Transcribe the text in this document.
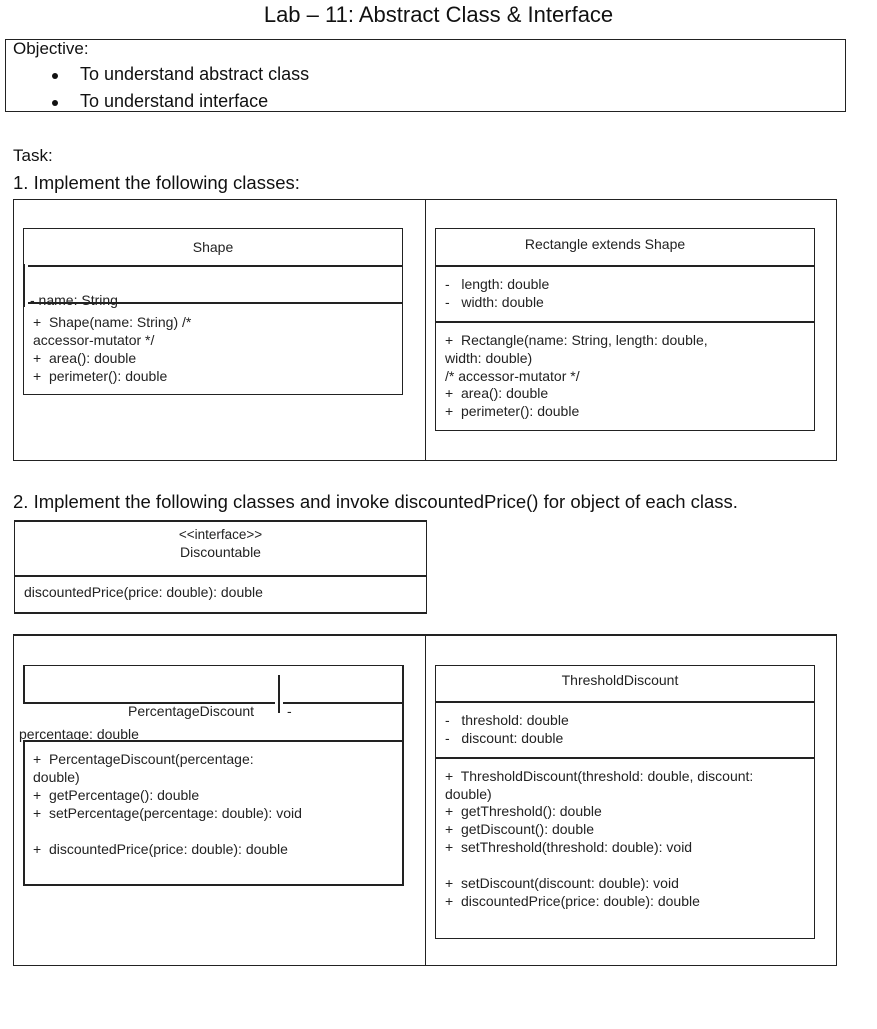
Lab – 11: Abstract Class & Interface
Objective:
To understand abstract class
To understand interface
Task:
1. Implement the following classes:
Shape
- name: String
+  Shape(name: String) /*
accessor-mutator */
+  area(): double
+  perimeter(): double
Rectangle extends Shape
-   length: double
-   width: double
+  Rectangle(name: String, length: double,
width: double)
/* accessor-mutator */
+  area(): double
+  perimeter(): double
2. Implement the following classes and invoke discountedPrice() for object of each class.
<<interface>>
Discountable
discountedPrice(price: double): double
PercentageDiscount -
percentage: double
+  PercentageDiscount(percentage:
double)
+  getPercentage(): double
+  setPercentage(percentage: double): void
+  discountedPrice(price: double): double
ThresholdDiscount
-   threshold: double
-   discount: double
+  ThresholdDiscount(threshold: double, discount:
double)
+  getThreshold(): double
+  getDiscount(): double
+  setThreshold(threshold: double): void
+  setDiscount(discount: double): void
+  discountedPrice(price: double): double
